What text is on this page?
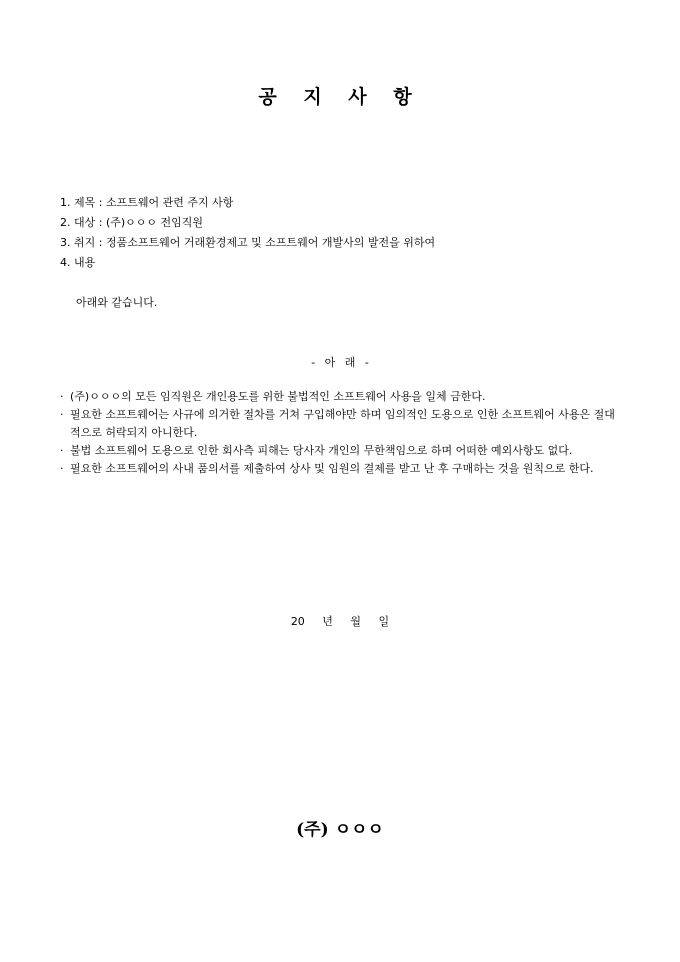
공 지 사 항
1. 제목 : 소프트웨어 관련 주지 사항
2. 대상 : (주)ㅇㅇㅇ 전임직원
3. 취지 : 정품소프트웨어 거래환경제고 및 소프트웨어 개발사의 발전을 위하여
4. 내용
아래와 같습니다.
- 아 래 -
· (주)ㅇㅇㅇ의 모든 임직원은 개인용도를 위한 불법적인 소프트웨어 사용을 일체 금한다.
· 필요한 소프트웨어는 사규에 의거한 절차를 거쳐 구입해야만 하며 임의적인 도용으로 인한 소프트웨어 사용은 절대적으로 허락되지 아니한다.
· 불법 소프트웨어 도용으로 인한 회사측 피해는 당사자 개인의 무한책임으로 하며 어떠한 예외사항도 없다.
· 필요한 소프트웨어의 사내 품의서를 제출하여 상사 및 임원의 결제를 받고 난 후 구매하는 것을 원칙으로 한다.
20 년 월 일
(주) ㅇㅇㅇ
